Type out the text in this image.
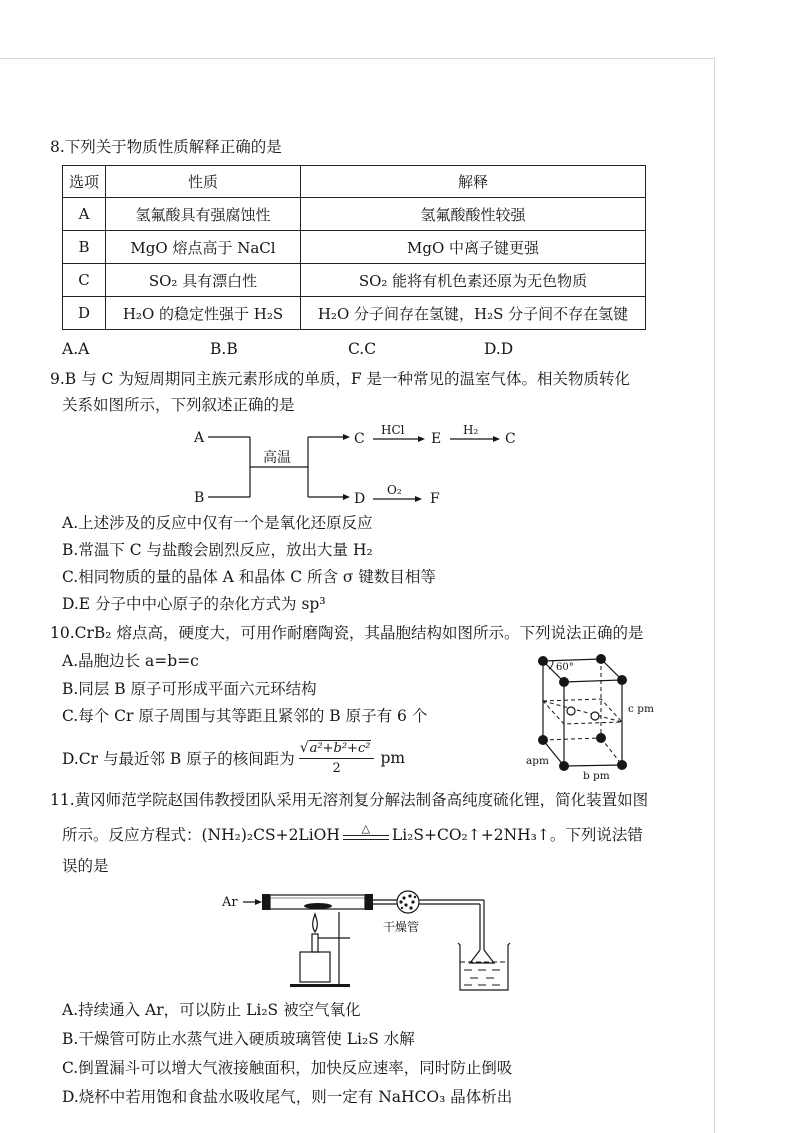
8.下列关于物质性质解释正确的是
选项	性质	解释
A	氢氟酸具有强腐蚀性	氢氟酸酸性较强
B	MgO 熔点高于 NaCl	MgO 中离子键更强
C	SO₂ 具有漂白性	SO₂ 能将有机色素还原为无色物质
D	H₂O 的稳定性强于 H₂S	H₂O 分子间存在氢键，H₂S 分子间不存在氢键
A.A	B.B	C.C	D.D
9.B 与 C 为短周期同主族元素形成的单质，F 是一种常见的温室气体。相关物质转化
关系如图所示，下列叙述正确的是
A
B
高温
C
HCl
E
H₂
C
D
O₂
F
A.上述涉及的反应中仅有一个是氧化还原反应
B.常温下 C 与盐酸会剧烈反应，放出大量 H₂
C.相同物质的量的晶体 A 和晶体 C 所含 σ 键数目相等
D.E 分子中中心原子的杂化方式为 sp³
10.CrB₂ 熔点高，硬度大，可用作耐磨陶瓷，其晶胞结构如图所示。下列说法正确的是
A.晶胞边长 a=b=c
B.同层 B 原子可形成平面六元环结构
C.每个 Cr 原子周围与其等距且紧邻的 B 原子有 6 个
D.Cr 与最近邻 B 原子的核间距为 $\frac{\text{√a²+b²+c²}}{2}$ pm
60°
c pm
apm
b pm
11.黄冈师范学院赵国伟教授团队采用无溶剂复分解法制备高纯度硫化锂，简化装置如图
所示。反应方程式：(NH₂)₂CS+2LiOH △ Li₂S+CO₂↑+2NH₃↑。下列说法错
误的是
Ar
干燥管
A.持续通入 Ar，可以防止 Li₂S 被空气氧化
B.干燥管可防止水蒸气进入硬质玻璃管使 Li₂S 水解
C.倒置漏斗可以增大气液接触面积，加快反应速率，同时防止倒吸
D.烧杯中若用饱和食盐水吸收尾气，则一定有 NaHCO₃ 晶体析出
